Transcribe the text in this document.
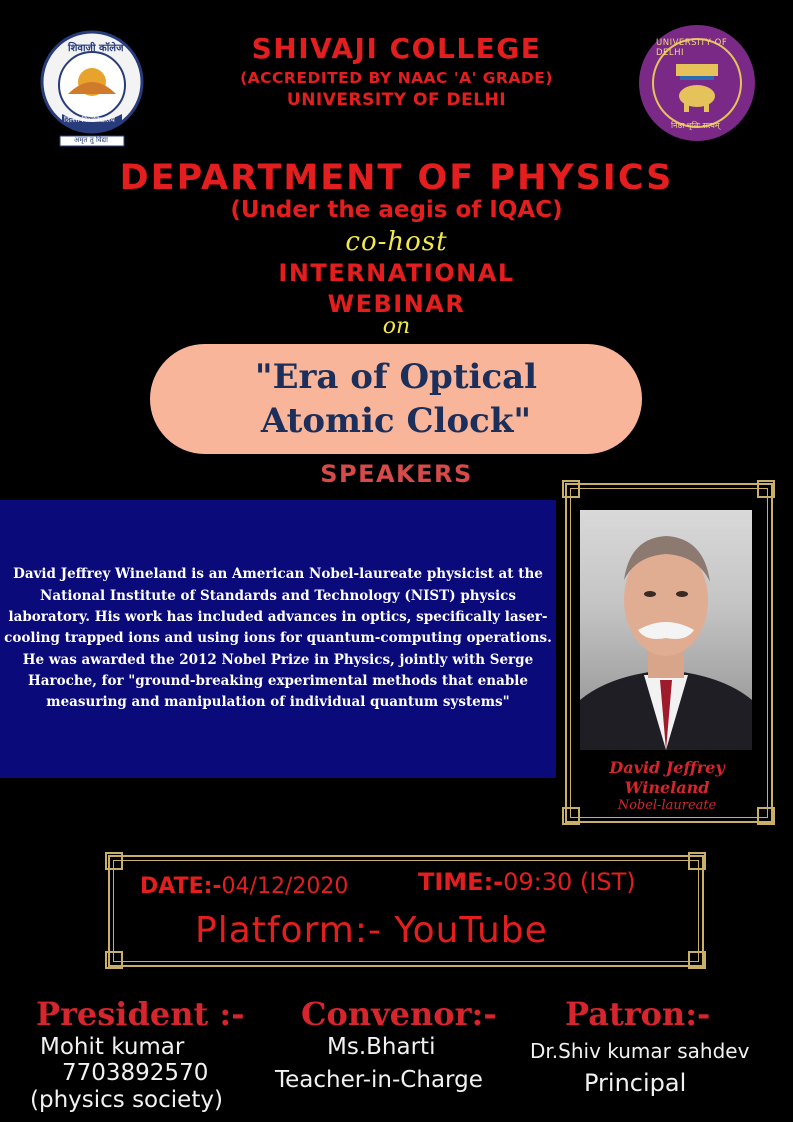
शिवाजी कॉलेज
दिल्ली विश्वविद्यालय
अमृत तु विद्या
UNIVERSITY OF DELHI
निष्ठा धृतिः सत्यम्
SHIVAJI COLLEGE
(ACCREDITED BY NAAC 'A' GRADE)
UNIVERSITY OF DELHI
DEPARTMENT OF PHYSICS
(Under the aegis of IQAC)
co-host
INTERNATIONAL
WEBINAR
on
"Era of Optical
Atomic Clock"
SPEAKERS
David Jeffrey Wineland is an American Nobel-laureate physicist at the National Institute of Standards and Technology (NIST) physics laboratory. His work has included advances in optics, specifically laser-cooling trapped ions and using ions for quantum-computing operations. He was awarded the 2012 Nobel Prize in Physics, jointly with Serge Haroche, for "ground-breaking experimental methods that enable measuring and manipulation of individual quantum systems"
David Jeffrey
Wineland
Nobel-laureate
DATE:-04/12/2020	TIME:-09:30 (IST)
Platform:- YouTube
President :-
Mohit kumar
7703892570
(physics society)
Convenor:-
Ms.Bharti
Teacher-in-Charge
Patron:-
Dr.Shiv kumar sahdev
Principal
